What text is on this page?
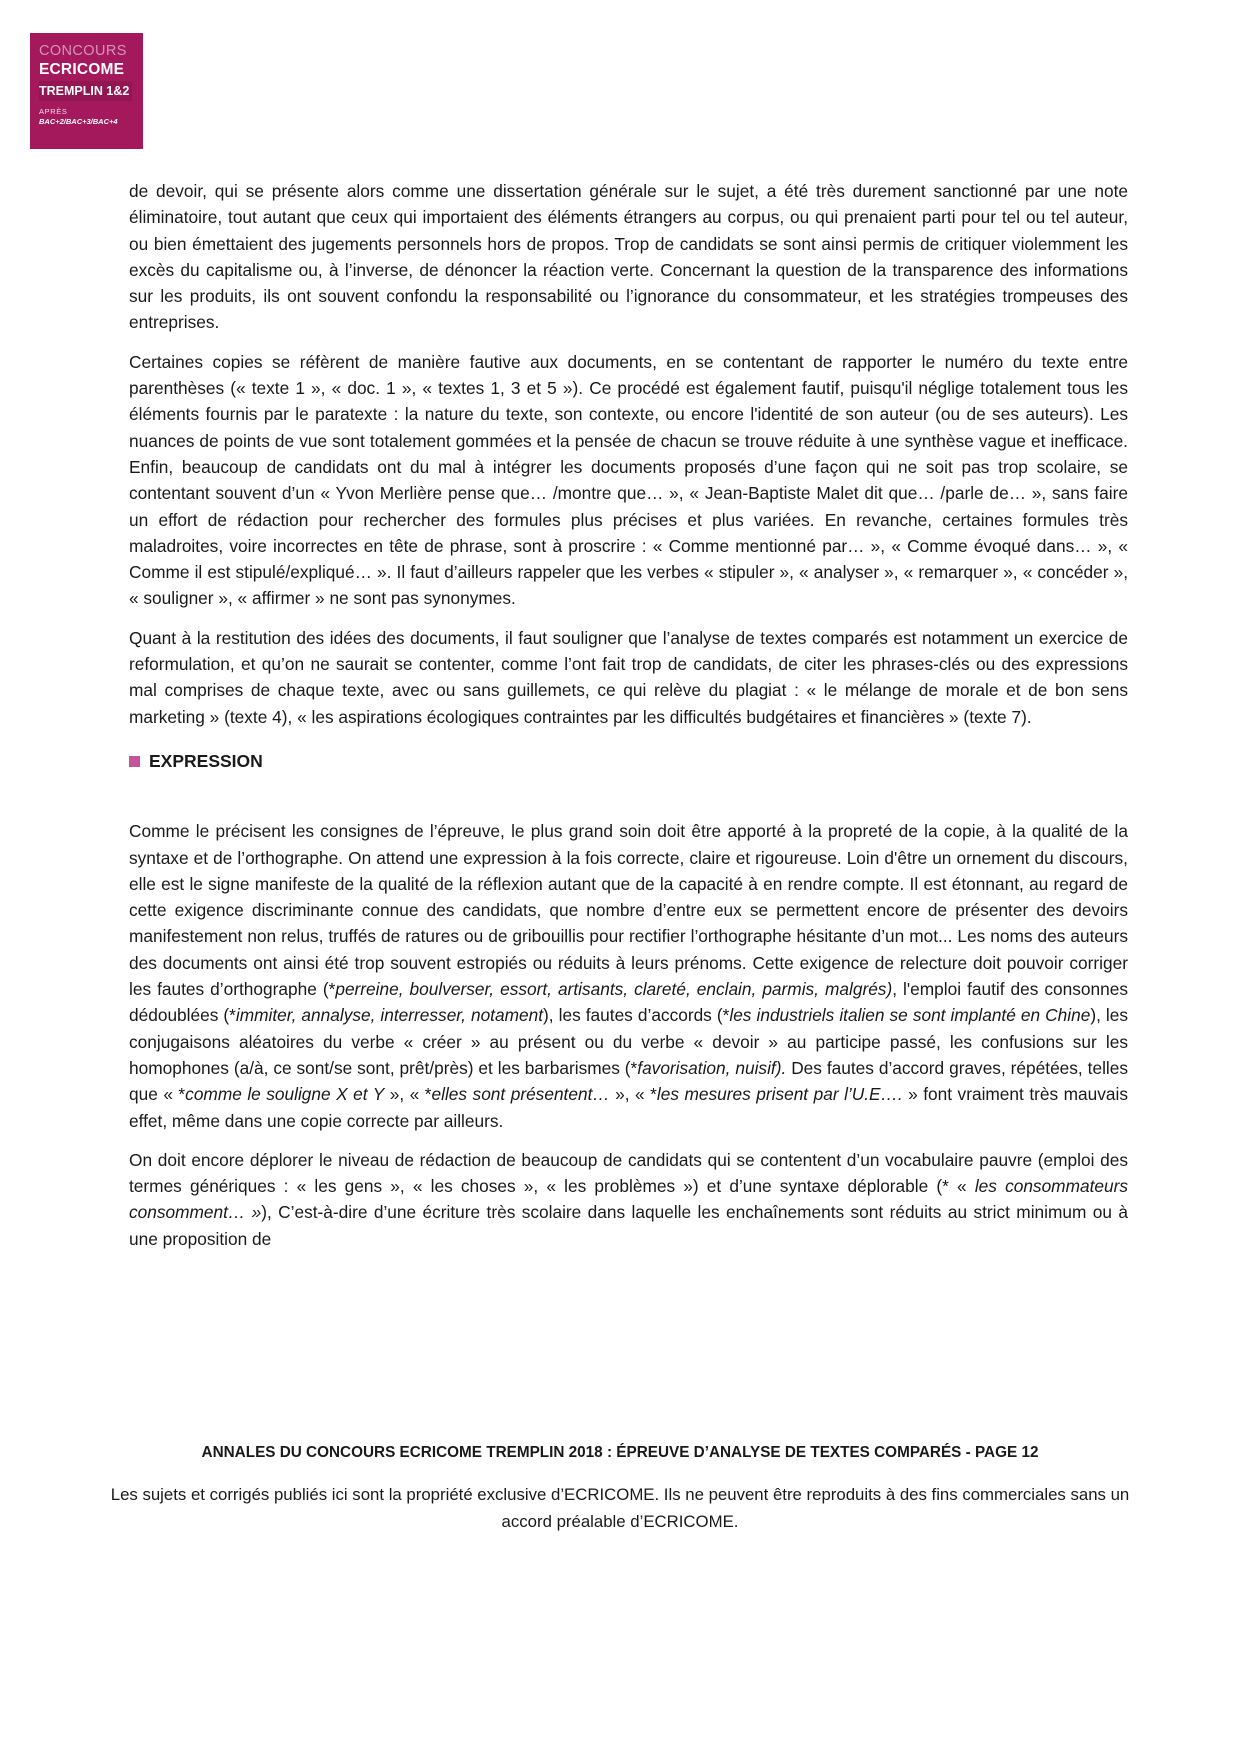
CONCOURS
ECRICOME
TREMPLIN 1&2
APRÈS
BAC+2/BAC+3/BAC+4

de devoir, qui se présente alors comme une dissertation générale sur le sujet, a été très durement sanctionné par une note éliminatoire, tout autant que ceux qui importaient des éléments étrangers au corpus, ou qui prenaient parti pour tel ou tel auteur, ou bien émettaient des jugements personnels hors de propos. Trop de candidats se sont ainsi permis de critiquer violemment les excès du capitalisme ou, à l’inverse, de dénoncer la réaction verte. Concernant la question de la transparence des informations sur les produits, ils ont souvent confondu la responsabilité ou l’ignorance du consommateur, et les stratégies trompeuses des entreprises.

Certaines copies se réfèrent de manière fautive aux documents, en se contentant de rapporter le numéro du texte entre parenthèses (« texte 1 », « doc. 1 », « textes 1, 3 et 5 »). Ce procédé est également fautif, puisqu'il néglige totalement tous les éléments fournis par le paratexte : la nature du texte, son contexte, ou encore l'identité de son auteur (ou de ses auteurs). Les nuances de points de vue sont totalement gommées et la pensée de chacun se trouve réduite à une synthèse vague et inefficace. Enfin, beaucoup de candidats ont du mal à intégrer les documents proposés d’une façon qui ne soit pas trop scolaire, se contentant souvent d’un « Yvon Merlière pense que… /montre que… », « Jean-Baptiste Malet dit que… /parle de… », sans faire un effort de rédaction pour rechercher des formules plus précises et plus variées. En revanche, certaines formules très maladroites, voire incorrectes en tête de phrase, sont à proscrire : « Comme mentionné par… », « Comme évoqué dans… », « Comme il est stipulé/expliqué… ». Il faut d’ailleurs rappeler que les verbes « stipuler », « analyser », « remarquer », « concéder », « souligner », « affirmer » ne sont pas synonymes.

Quant à la restitution des idées des documents, il faut souligner que l’analyse de textes comparés est notamment un exercice de reformulation, et qu’on ne saurait se contenter, comme l’ont fait trop de candidats, de citer les phrases-clés ou des expressions mal comprises de chaque texte, avec ou sans guillemets, ce qui relève du plagiat : « le mélange de morale et de bon sens marketing » (texte 4), « les aspirations écologiques contraintes par les difficultés budgétaires et financières » (texte 7).

EXPRESSION

Comme le précisent les consignes de l’épreuve, le plus grand soin doit être apporté à la propreté de la copie, à la qualité de la syntaxe et de l’orthographe. On attend une expression à la fois correcte, claire et rigoureuse. Loin d'être un ornement du discours, elle est le signe manifeste de la qualité de la réflexion autant que de la capacité à en rendre compte. Il est étonnant, au regard de cette exigence discriminante connue des candidats, que nombre d’entre eux se permettent encore de présenter des devoirs manifestement non relus, truffés de ratures ou de gribouillis pour rectifier l’orthographe hésitante d’un mot... Les noms des auteurs des documents ont ainsi été trop souvent estropiés ou réduits à leurs prénoms. Cette exigence de relecture doit pouvoir corriger les fautes d’orthographe (*perreine, boulverser, essort, artisants, clareté, enclain, parmis, malgrés), l'emploi fautif des consonnes dédoublées (*immiter, annalyse, interresser, notament), les fautes d’accords (*les industriels italien se sont implanté en Chine), les conjugaisons aléatoires du verbe « créer » au présent ou du verbe « devoir » au participe passé, les confusions sur les homophones (a/à, ce sont/se sont, prêt/près) et les barbarismes (*favorisation, nuisif). Des fautes d’accord graves, répétées, telles que « *comme le souligne X et Y », « *elles sont présentent… », « *les mesures prisent par l’U.E…. » font vraiment très mauvais effet, même dans une copie correcte par ailleurs.

On doit encore déplorer le niveau de rédaction de beaucoup de candidats qui se contentent d’un vocabulaire pauvre (emploi des termes génériques : « les gens », « les choses », « les problèmes ») et d’une syntaxe déplorable (* « les consommateurs consomment… »), C’est-à-dire d’une écriture très scolaire dans laquelle les enchaînements sont réduits au strict minimum ou à une proposition de

ANNALES DU CONCOURS ECRICOME TREMPLIN 2018 : ÉPREUVE D’ANALYSE DE TEXTES COMPARÉS - PAGE 12
Les sujets et corrigés publiés ici sont la propriété exclusive d’ECRICOME. Ils ne peuvent être reproduits à des fins commerciales sans un accord préalable d’ECRICOME.
